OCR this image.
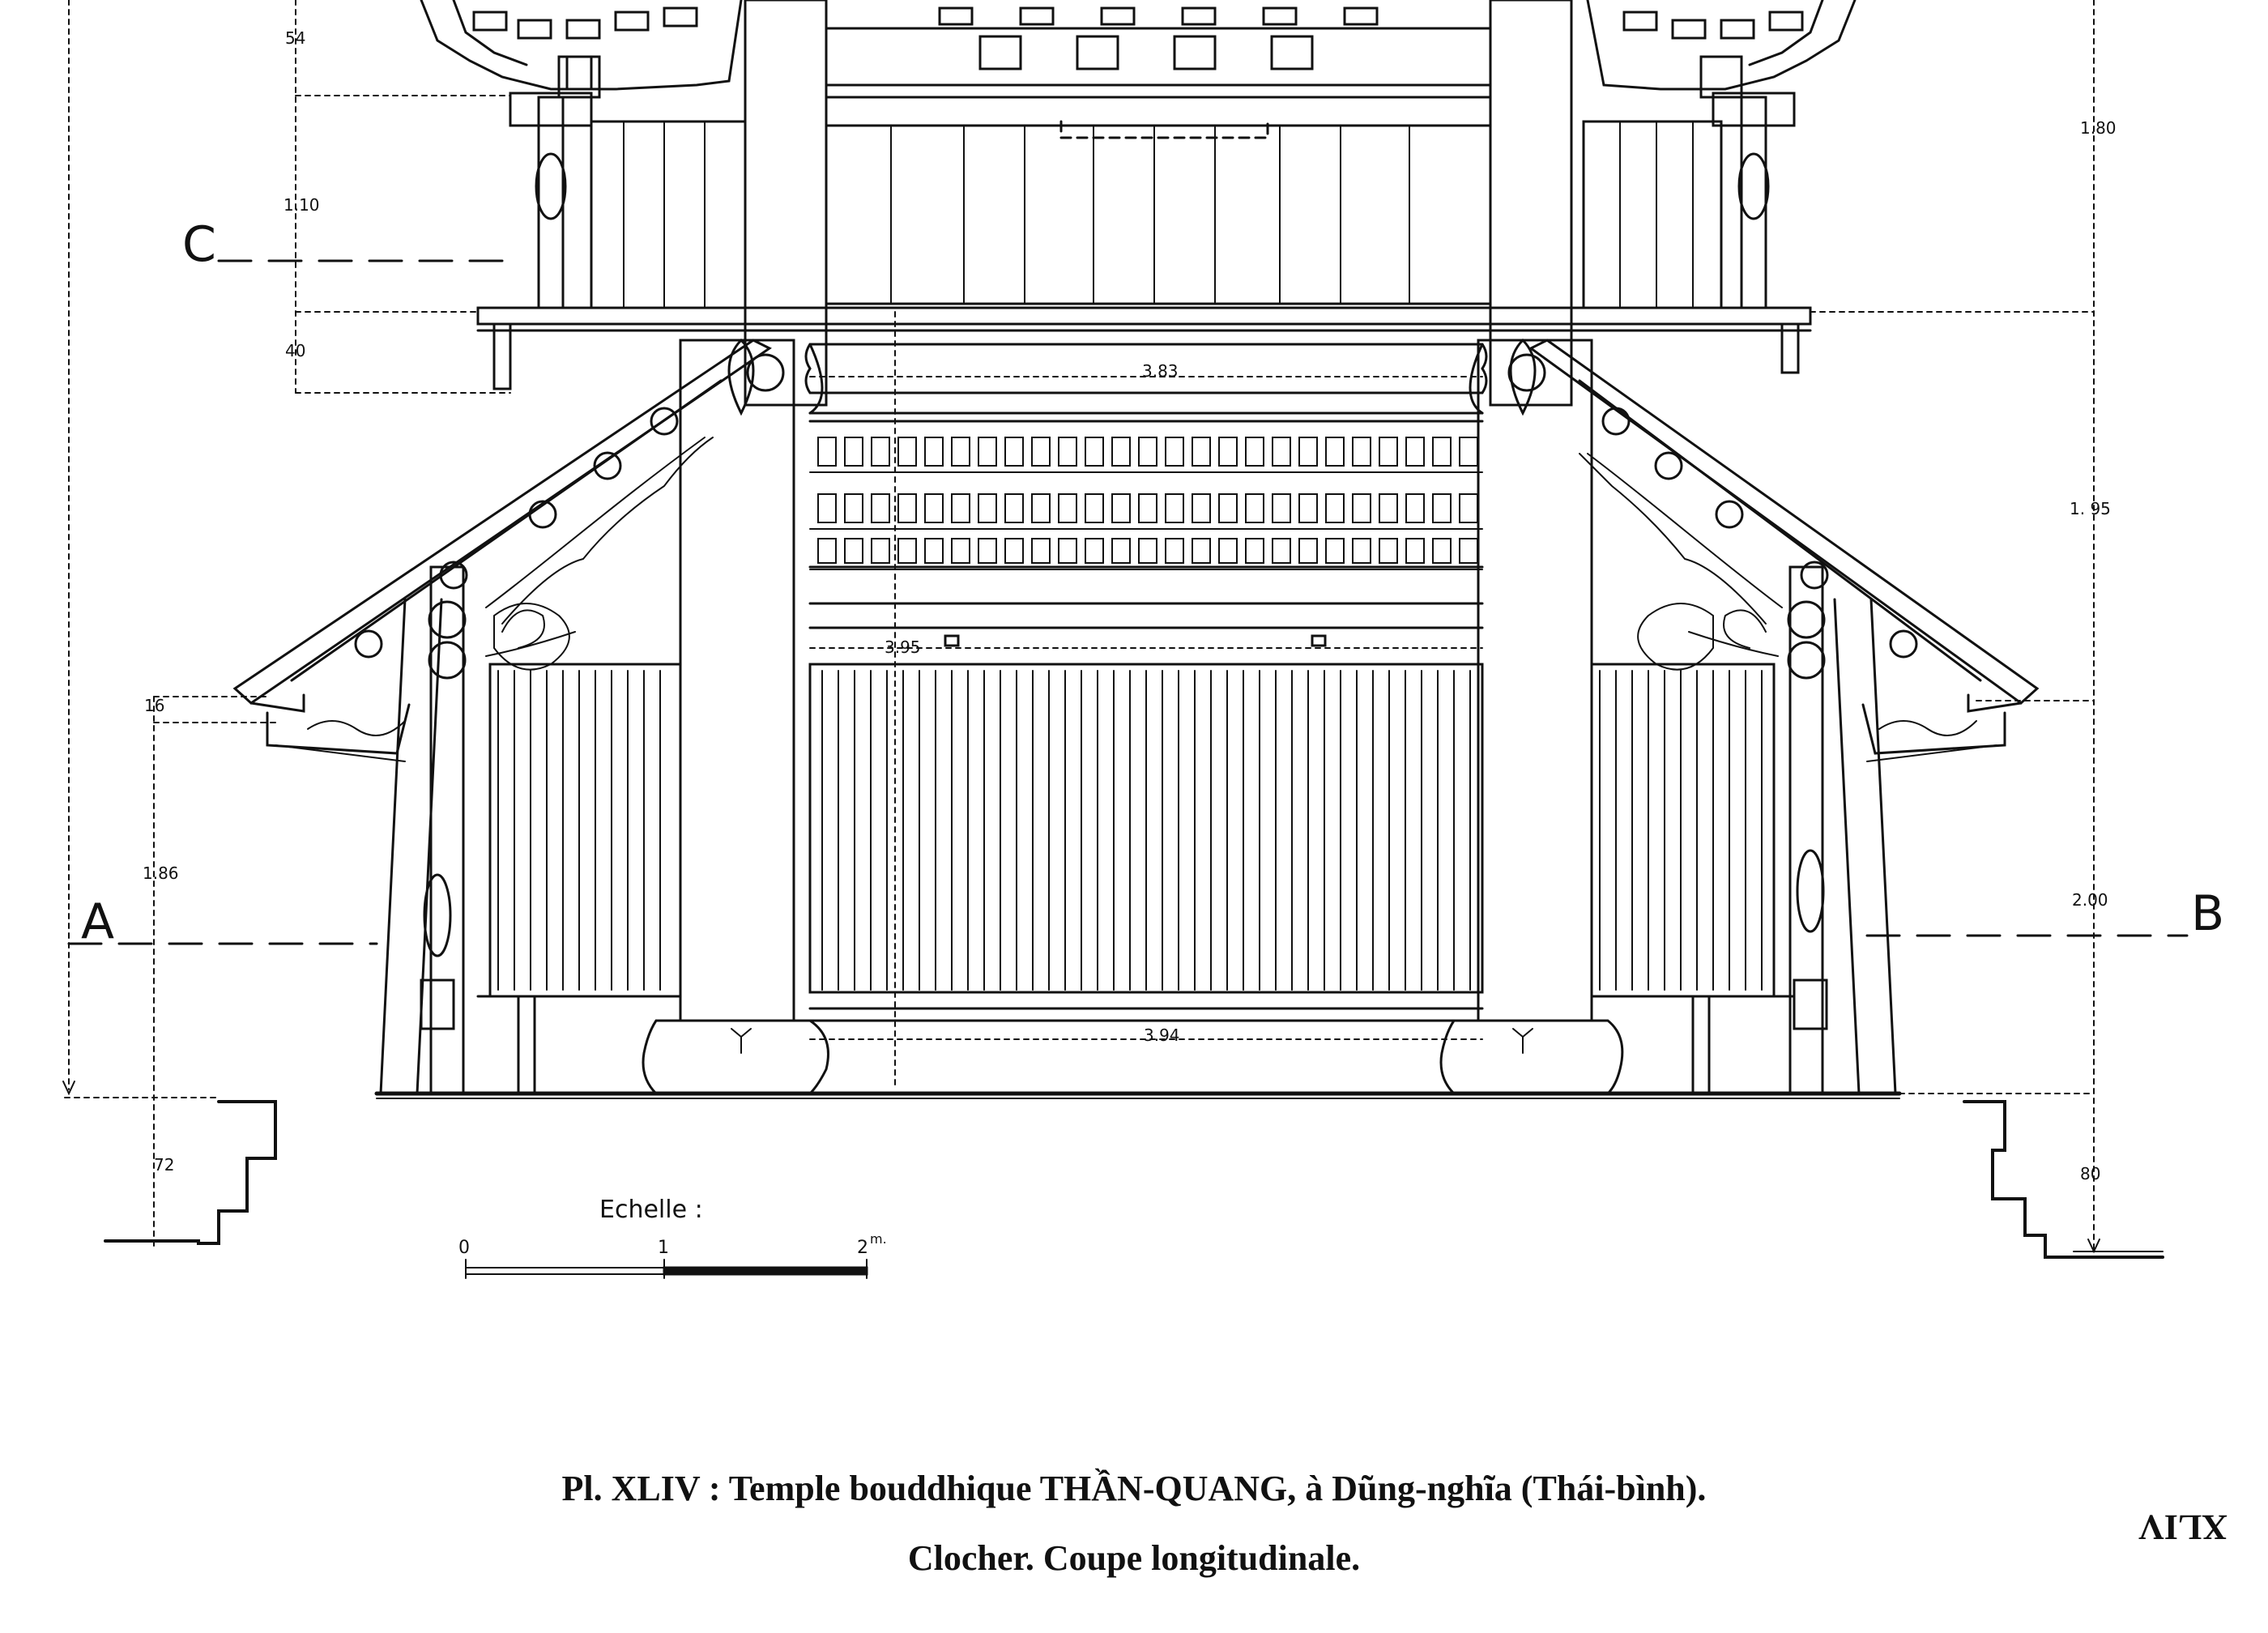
C
A	B
54
1.10
40
16
1.86
72
1.80
1. 95
2.00
80
3.83
3.95
3.94
Echelle :
0	1	2 m.
Pl. XLIV : Temple bouddhique THẦN-QUANG, à Dũng-nghĩa (Thái-bình).
Clocher. Coupe longitudinale.
XLIV
